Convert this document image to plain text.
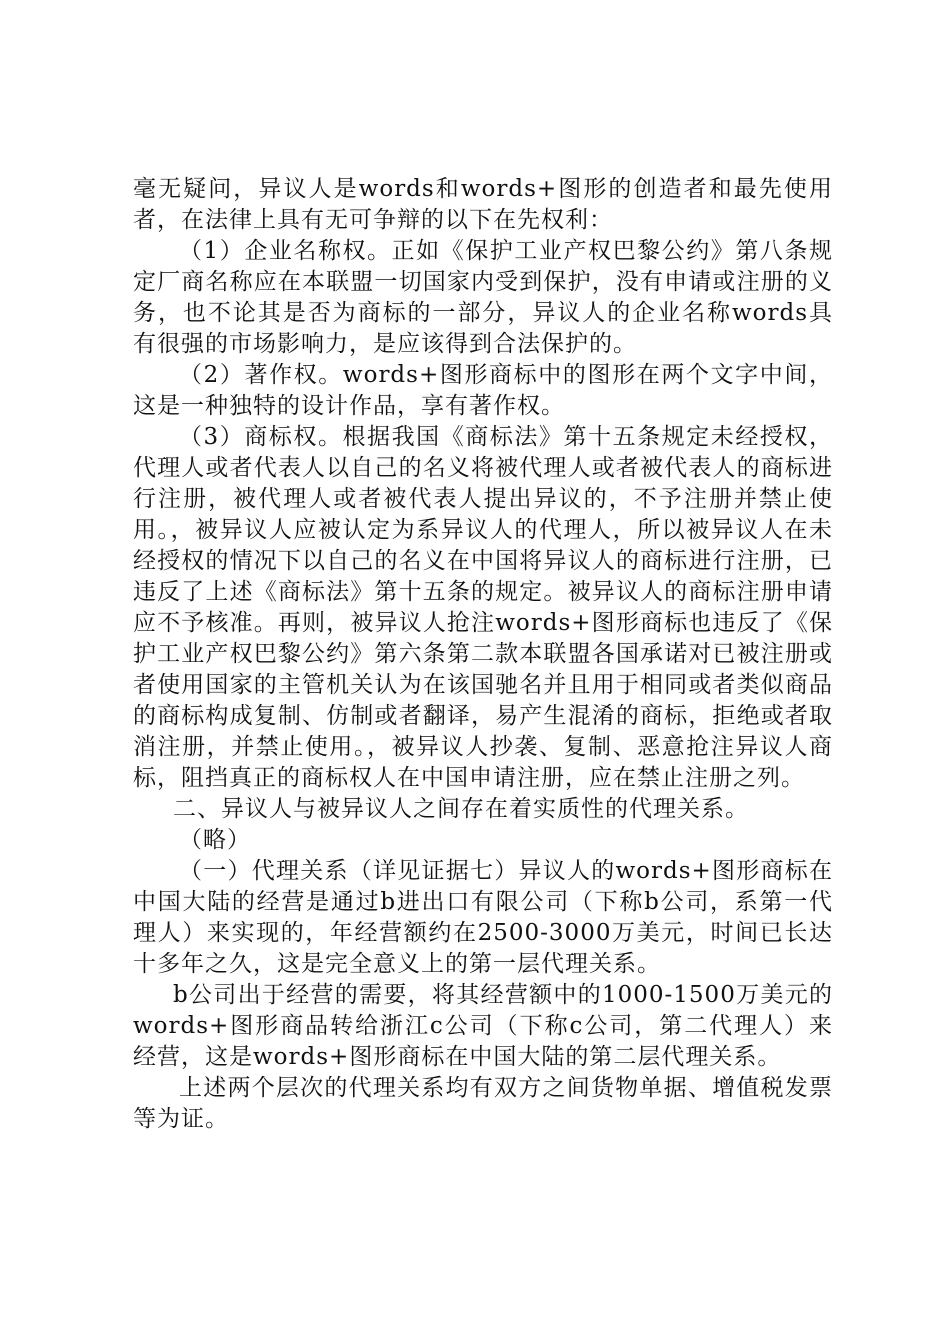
毫无疑问，异议人是words和words+图形的创造者和最先使用者，在法律上具有无可争辩的以下在先权利：

（1）企业名称权。正如《保护工业产权巴黎公约》第八条规定厂商名称应在本联盟一切国家内受到保护，没有申请或注册的义务，也不论其是否为商标的一部分，异议人的企业名称words具有很强的市场影响力，是应该得到合法保护的。

（2）著作权。words+图形商标中的图形在两个文字中间，这是一种独特的设计作品，享有著作权。

（3）商标权。根据我国《商标法》第十五条规定未经授权，代理人或者代表人以自己的名义将被代理人或者被代表人的商标进行注册，被代理人或者被代表人提出异议的，不予注册并禁止使用。，被异议人应被认定为系异议人的代理人，所以被异议人在未经授权的情况下以自己的名义在中国将异议人的商标进行注册，已违反了上述《商标法》第十五条的规定。被异议人的商标注册申请应不予核准。再则，被异议人抢注words+图形商标也违反了《保护工业产权巴黎公约》第六条第二款本联盟各国承诺对已被注册或者使用国家的主管机关认为在该国驰名并且用于相同或者类似商品的商标构成复制、仿制或者翻译，易产生混淆的商标，拒绝或者取消注册，并禁止使用。，被异议人抄袭、复制、恶意抢注异议人商标，阻挡真正的商标权人在中国申请注册，应在禁止注册之列。

二、异议人与被异议人之间存在着实质性的代理关系。

（略）

（一）代理关系（详见证据七）异议人的words+图形商标在中国大陆的经营是通过b进出口有限公司（下称b公司，系第一代理人）来实现的，年经营额约在2500-3000万美元，时间已长达十多年之久，这是完全意义上的第一层代理关系。

b公司出于经营的需要，将其经营额中的1000-1500万美元的words+图形商品转给浙江c公司（下称c公司，第二代理人）来经营，这是words+图形商标在中国大陆的第二层代理关系。

上述两个层次的代理关系均有双方之间货物单据、增值税发票等为证。
